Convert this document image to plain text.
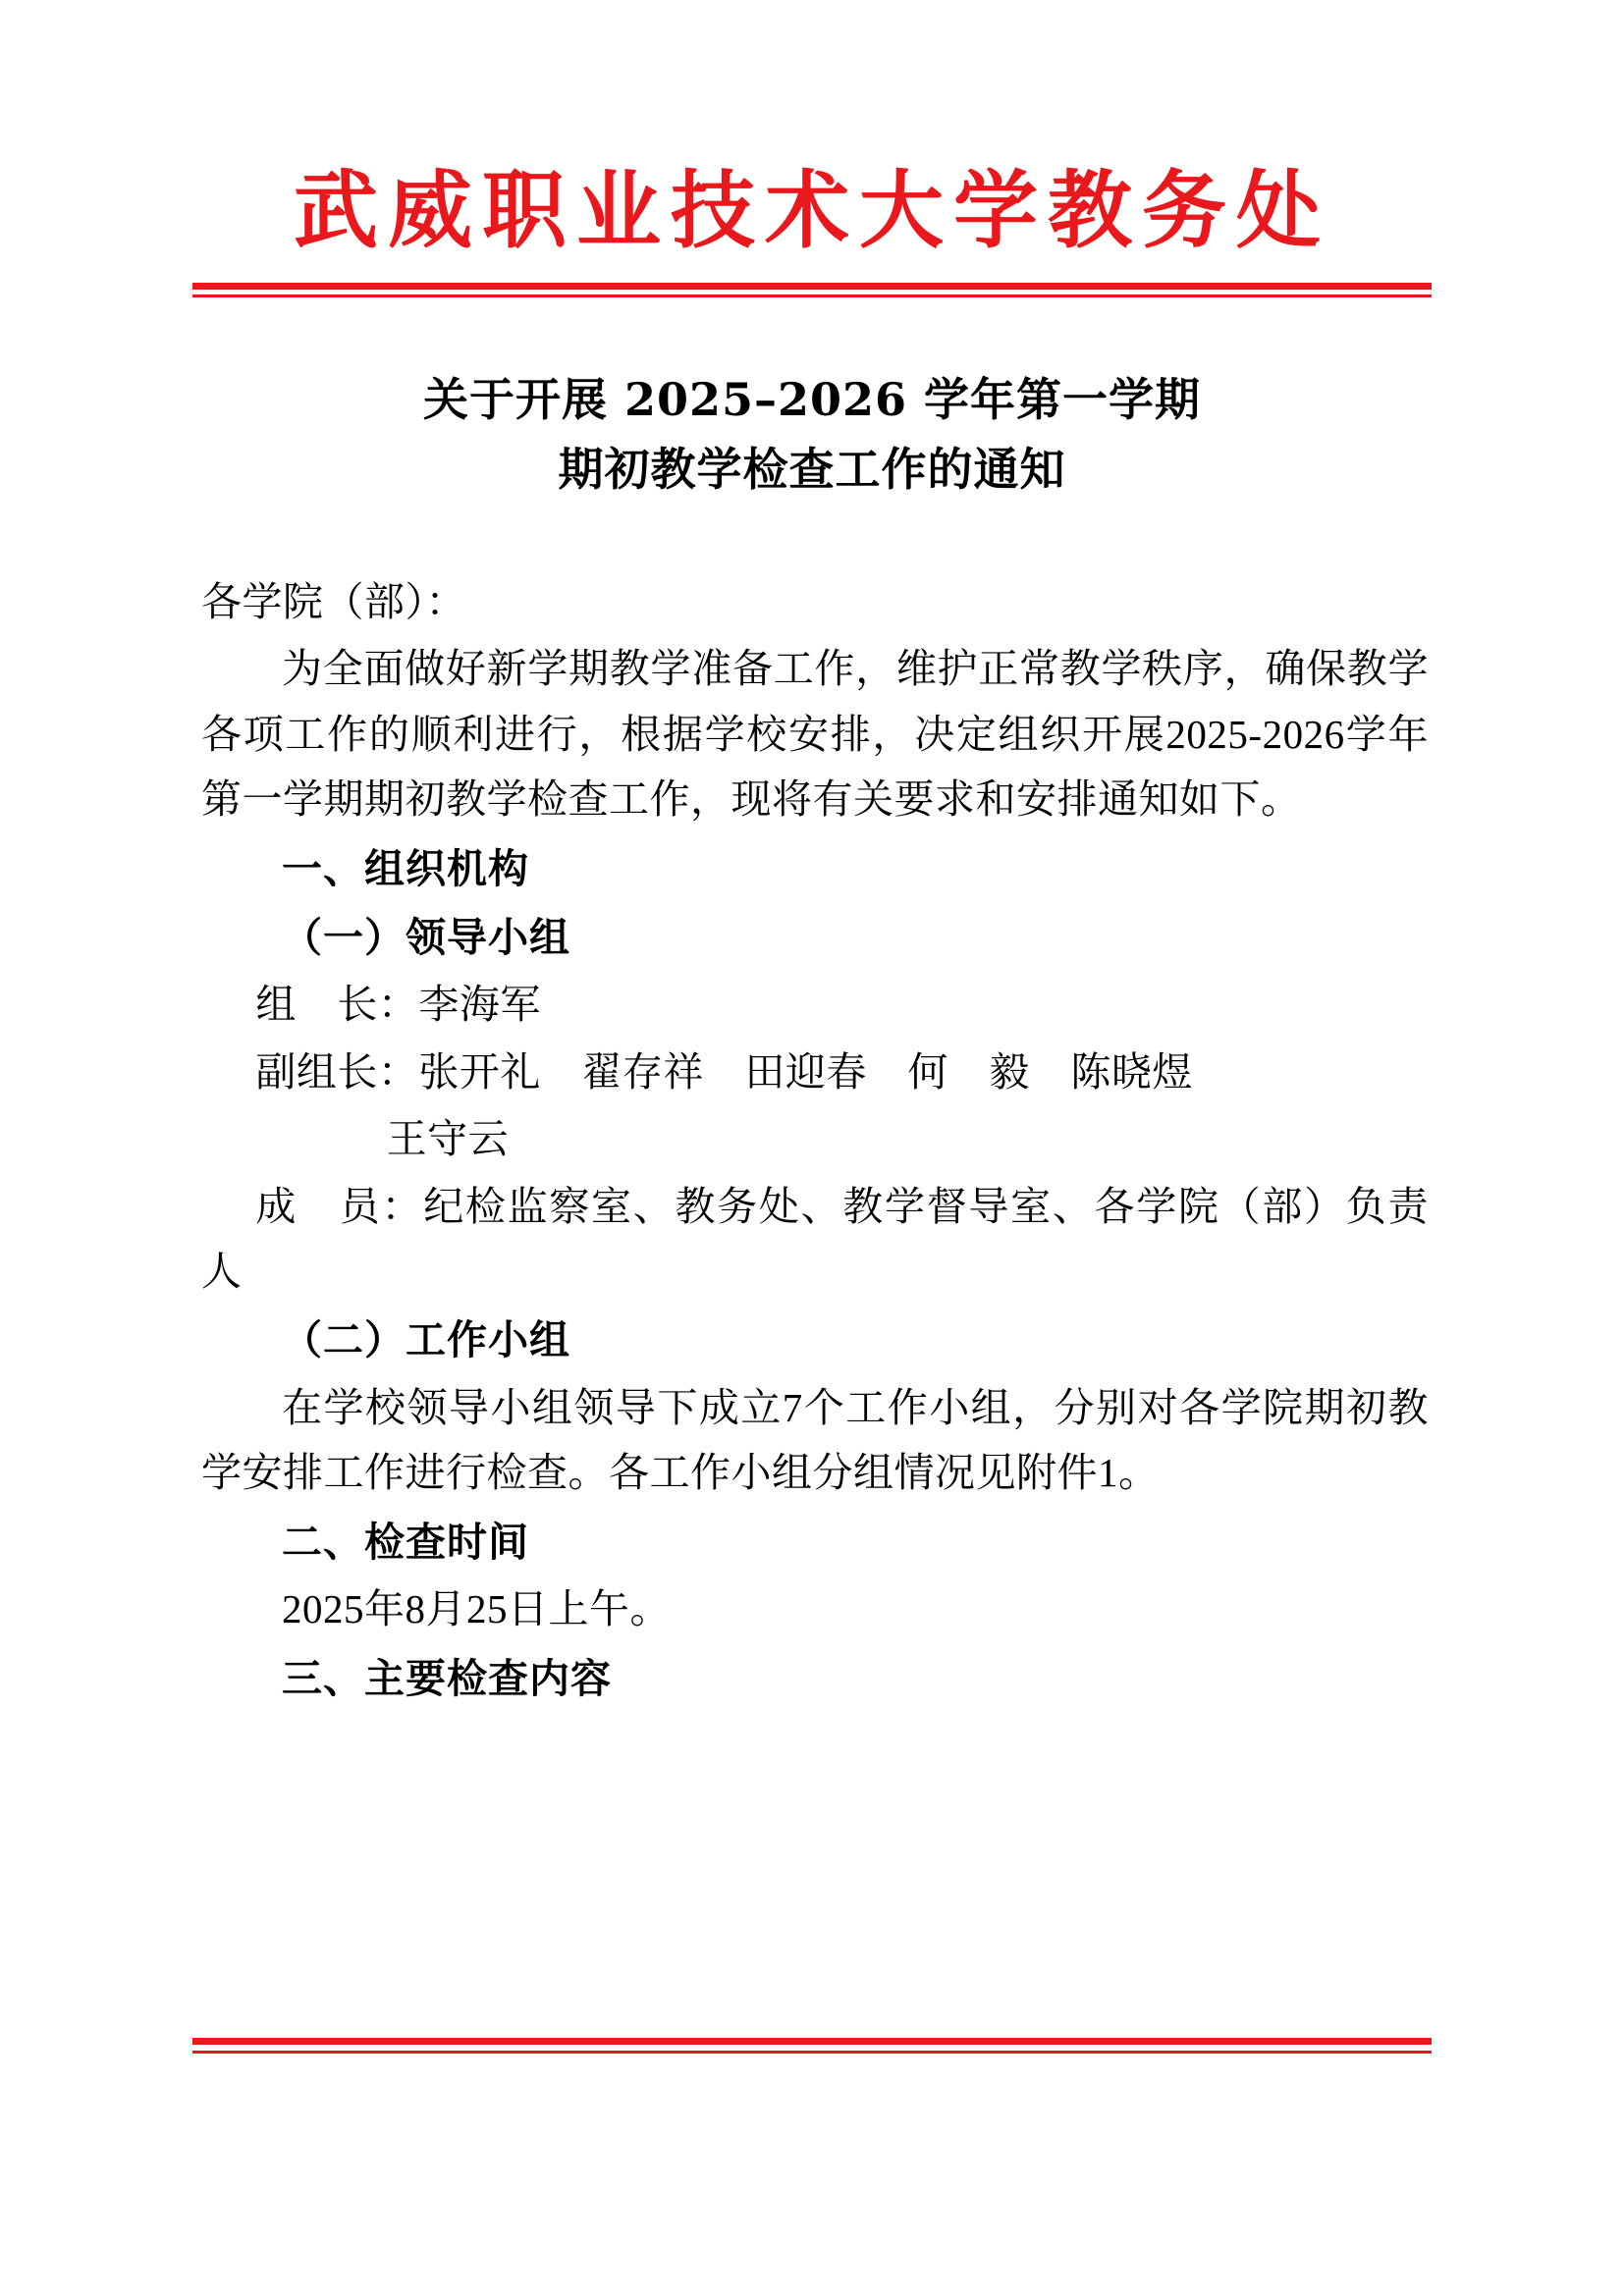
武威职业技术大学教务处
关于开展 2025–2026 学年第一学期
期初教学检查工作的通知

各学院（部）：

为全面做好新学期教学准备工作，维护正常教学秩序，确保教学各项工作的顺利进行，根据学校安排，决定组织开展2025-2026学年第一学期期初教学检查工作，现将有关要求和安排通知如下。

一、组织机构

（一）领导小组

组　长：李海军

副组长：张开礼　翟存祥　田迎春　何　毅　陈晓煜

王守云

成　员：纪检监察室、教务处、教学督导室、各学院（部）负责人

（二）工作小组

在学校领导小组领导下成立7个工作小组，分别对各学院期初教学安排工作进行检查。各工作小组分组情况见附件1。

二、检查时间

2025年8月25日上午。

三、主要检查内容
